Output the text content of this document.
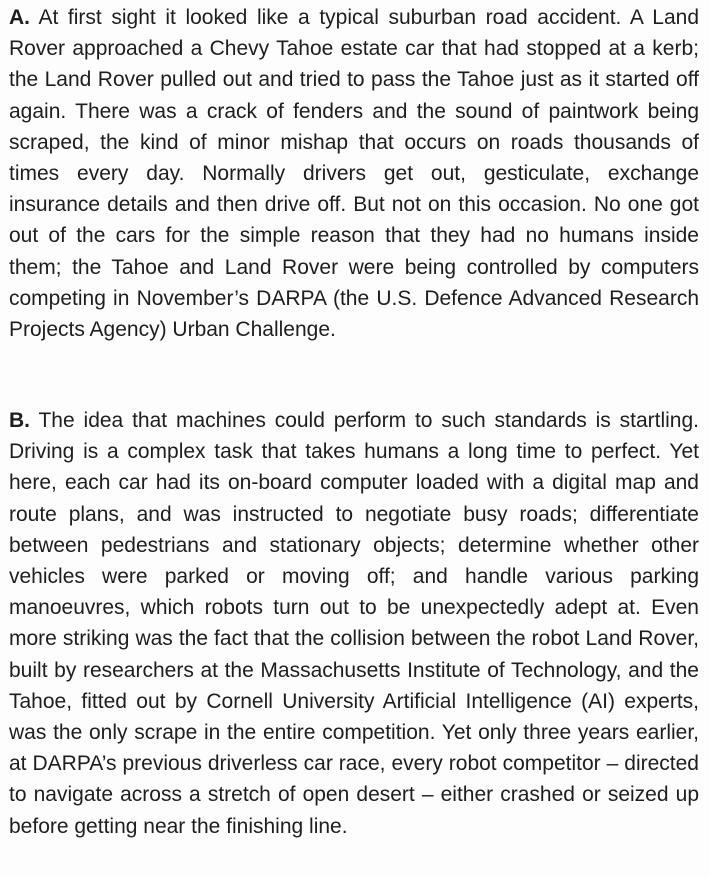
A. At first sight it looked like a typical suburban road accident. A Land Rover approached a Chevy Tahoe estate car that had stopped at a kerb; the Land Rover pulled out and tried to pass the Tahoe just as it started off again. There was a crack of fenders and the sound of paintwork being scraped, the kind of minor mishap that occurs on roads thousands of times every day. Normally drivers get out, gesticulate, exchange insurance details and then drive off. But not on this occasion. No one got out of the cars for the simple reason that they had no humans inside them; the Tahoe and Land Rover were being controlled by computers competing in November’s DARPA (the U.S. Defence Advanced Research Projects Agency) Urban Challenge.

B. The idea that machines could perform to such standards is startling. Driving is a complex task that takes humans a long time to perfect. Yet here, each car had its on-board computer loaded with a digital map and route plans, and was instructed to negotiate busy roads; differentiate between pedestrians and stationary objects; determine whether other vehicles were parked or moving off; and handle various parking manoeuvres, which robots turn out to be unexpectedly adept at. Even more striking was the fact that the collision between the robot Land Rover, built by researchers at the Massachusetts Institute of Technology, and the Tahoe, fitted out by Cornell University Artificial Intelligence (AI) experts, was the only scrape in the entire competition. Yet only three years earlier, at DARPA’s previous driverless car race, every robot competitor – directed to navigate across a stretch of open desert – either crashed or seized up before getting near the finishing line.
